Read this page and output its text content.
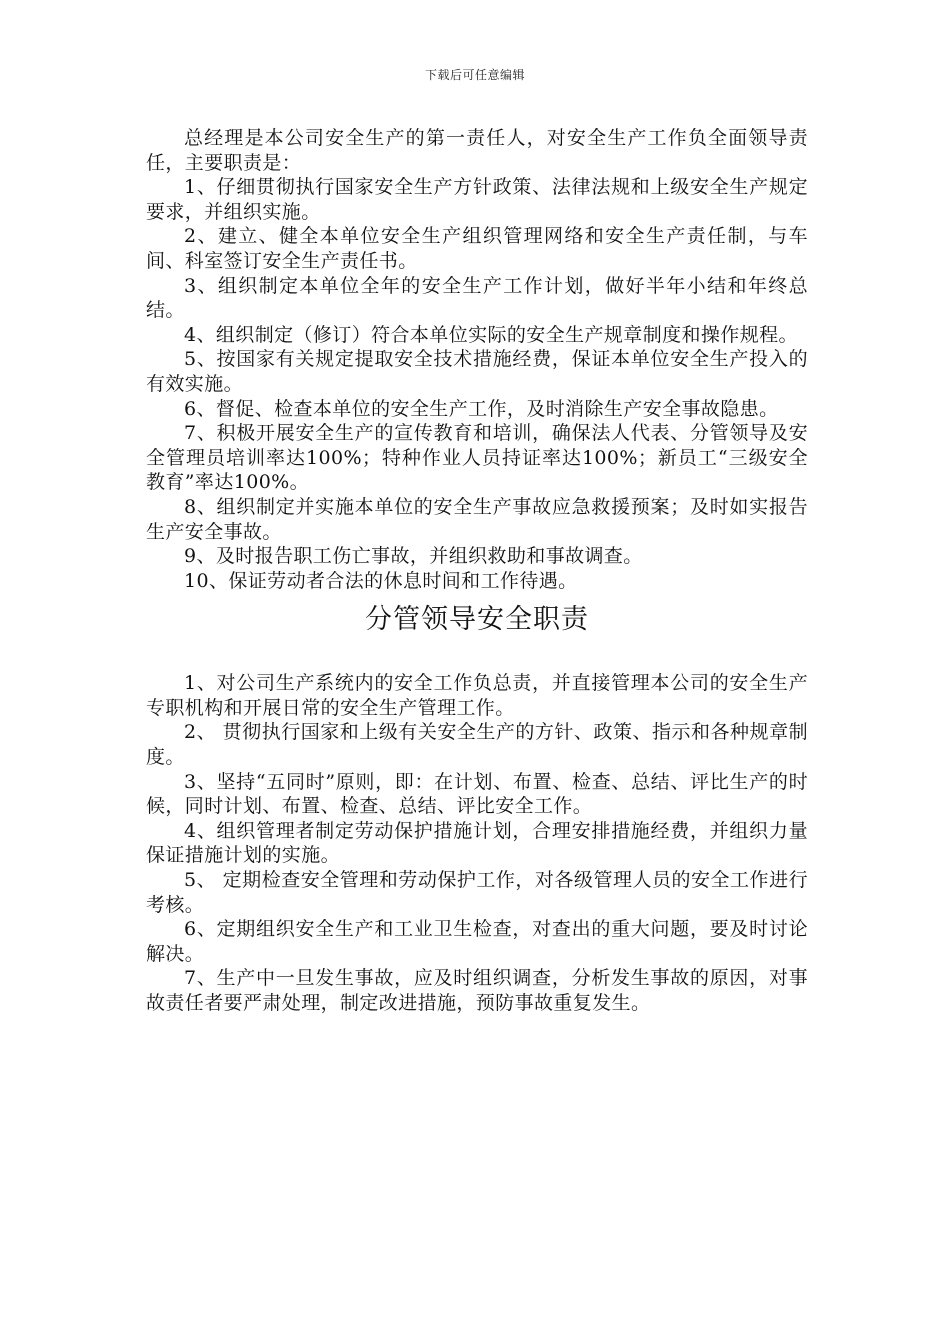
下载后可任意编辑

总经理是本公司安全生产的第一责任人，对安全生产工作负全面领导责任，主要职责是：

1、仔细贯彻执行国家安全生产方针政策、法律法规和上级安全生产规定要求，并组织实施。

2、建立、健全本单位安全生产组织管理网络和安全生产责任制，与车间、科室签订安全生产责任书。

3、组织制定本单位全年的安全生产工作计划，做好半年小结和年终总结。

4、组织制定（修订）符合本单位实际的安全生产规章制度和操作规程。

5、按国家有关规定提取安全技术措施经费，保证本单位安全生产投入的有效实施。

6、督促、检查本单位的安全生产工作，及时消除生产安全事故隐患。

7、积极开展安全生产的宣传教育和培训，确保法人代表、分管领导及安全管理员培训率达100%；特种作业人员持证率达100%；新员工“三级安全教育”率达100%。

8、组织制定并实施本单位的安全生产事故应急救援预案；及时如实报告生产安全事故。

9、及时报告职工伤亡事故，并组织救助和事故调查。

10、保证劳动者合法的休息时间和工作待遇。

分管领导安全职责

1、对公司生产系统内的安全工作负总责，并直接管理本公司的安全生产专职机构和开展日常的安全生产管理工作。

2、 贯彻执行国家和上级有关安全生产的方针、政策、指示和各种规章制度。

3、坚持“五同时”原则，即：在计划、布置、检查、总结、评比生产的时候，同时计划、布置、检查、总结、评比安全工作。

4、组织管理者制定劳动保护措施计划，合理安排措施经费，并组织力量保证措施计划的实施。

5、 定期检查安全管理和劳动保护工作，对各级管理人员的安全工作进行考核。

6、定期组织安全生产和工业卫生检查，对查出的重大问题，要及时讨论解决。

7、生产中一旦发生事故，应及时组织调查，分析发生事故的原因，对事故责任者要严肃处理，制定改进措施，预防事故重复发生。
